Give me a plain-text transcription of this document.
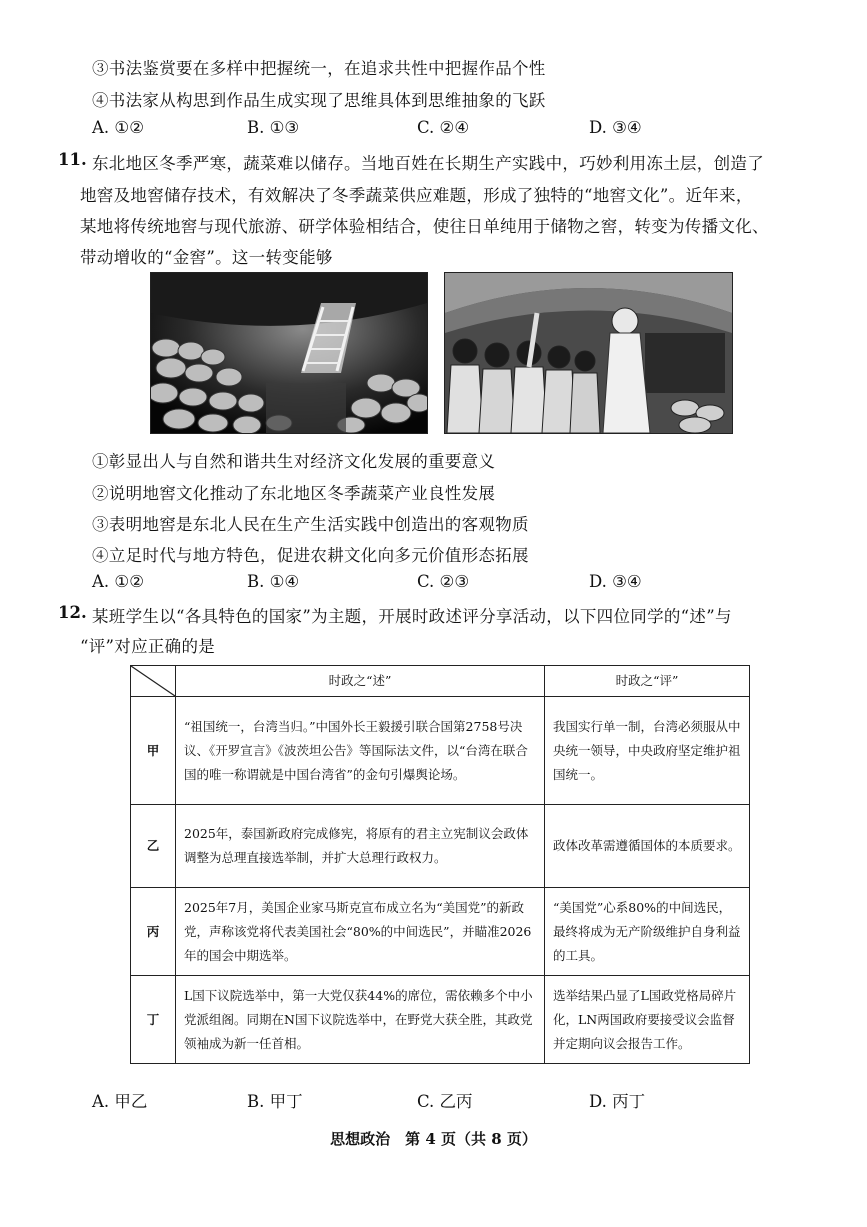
③书法鉴赏要在多样中把握统一，在追求共性中把握作品个性
④书法家从构思到作品生成实现了思维具体到思维抽象的飞跃
A. ①②	B. ①③	C. ②④	D. ③④
11. 东北地区冬季严寒，蔬菜难以储存。当地百姓在长期生产实践中，巧妙利用冻土层，创造了
地窖及地窖储存技术，有效解决了冬季蔬菜供应难题，形成了独特的“地窖文化”。近年来，
某地将传统地窖与现代旅游、研学体验相结合，使往日单纯用于储物之窖，转变为传播文化、
带动增收的“金窖”。这一转变能够
①彰显出人与自然和谐共生对经济文化发展的重要意义
②说明地窖文化推动了东北地区冬季蔬菜产业良性发展
③表明地窖是东北人民在生产生活实践中创造出的客观物质
④立足时代与地方特色，促进农耕文化向多元价值形态拓展
A. ①②	B. ①④	C. ②③	D. ③④
12. 某班学生以“各具特色的国家”为主题，开展时政述评分享活动，以下四位同学的“述”与
“评”对应正确的是
	时政之“述”	时政之“评”
甲	“祖国统一，台湾当归。”中国外长王毅援引联合国第2758号决议、《开罗宣言》《波茨坦公告》等国际法文件，以“台湾在联合国的唯一称谓就是中国台湾省”的金句引爆舆论场。	我国实行单一制，台湾必须服从中央统一领导，中央政府坚定维护祖国统一。
乙	2025年，泰国新政府完成修宪，将原有的君主立宪制议会政体调整为总理直接选举制，并扩大总理行政权力。	政体改革需遵循国体的本质要求。
丙	2025年7月，美国企业家马斯克宣布成立名为“美国党”的新政党，声称该党将代表美国社会“80%的中间选民”，并瞄准2026年的国会中期选举。	“美国党”心系80%的中间选民，最终将成为无产阶级维护自身利益的工具。
丁	L国下议院选举中，第一大党仅获44%的席位，需依赖多个中小党派组阁。同期在N国下议院选举中，在野党大获全胜，其政党领袖成为新一任首相。	选举结果凸显了L国政党格局碎片化，LN两国政府要接受议会监督并定期向议会报告工作。
A. 甲乙	B. 甲丁	C. 乙丙	D. 丙丁
思想政治　第 4 页（共 8 页）
